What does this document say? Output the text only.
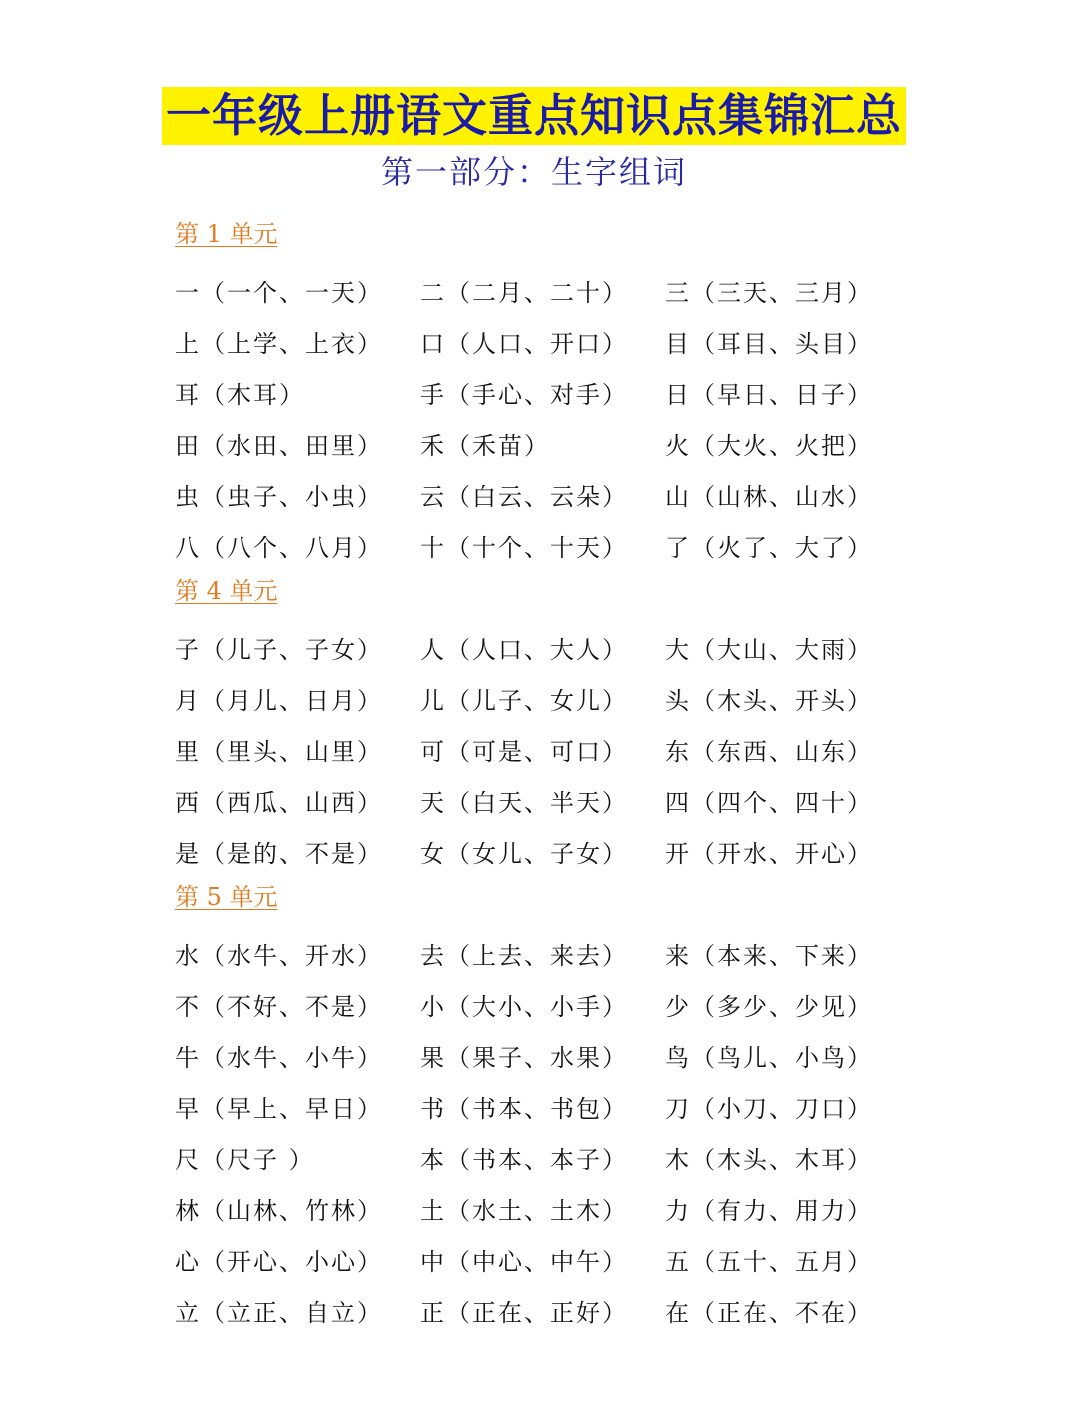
一年级上册语文重点知识点集锦汇总
第一部分：生字组词
第 1 单元
一（一个、一天）	二（二月、二十）	三（三天、三月）
上（上学、上衣）	口（人口、开口）	目（耳目、头目）
耳（木耳）	手（手心、对手）	日（早日、日子）
田（水田、田里）	禾（禾苗）	火（大火、火把）
虫（虫子、小虫）	云（白云、云朵）	山（山林、山水）
八（八个、八月）	十（十个、十天）	了（火了、大了）
第 4 单元
子（儿子、子女）	人（人口、大人）	大（大山、大雨）
月（月儿、日月）	儿（儿子、女儿）	头（木头、开头）
里（里头、山里）	可（可是、可口）	东（东西、山东）
西（西瓜、山西）	天（白天、半天）	四（四个、四十）
是（是的、不是）	女（女儿、子女）	开（开水、开心）
第 5 单元
水（水牛、开水）	去（上去、来去）	来（本来、下来）
不（不好、不是）	小（大小、小手）	少（多少、少见）
牛（水牛、小牛）	果（果子、水果）	鸟（鸟儿、小鸟）
早（早上、早日）	书（书本、书包）	刀（小刀、刀口）
尺（尺子 ）	本（书本、本子）	木（木头、木耳）
林（山林、竹林）	土（水土、土木）	力（有力、用力）
心（开心、小心）	中（中心、中午）	五（五十、五月）
立（立正、自立）	正（正在、正好）	在（正在、不在）
